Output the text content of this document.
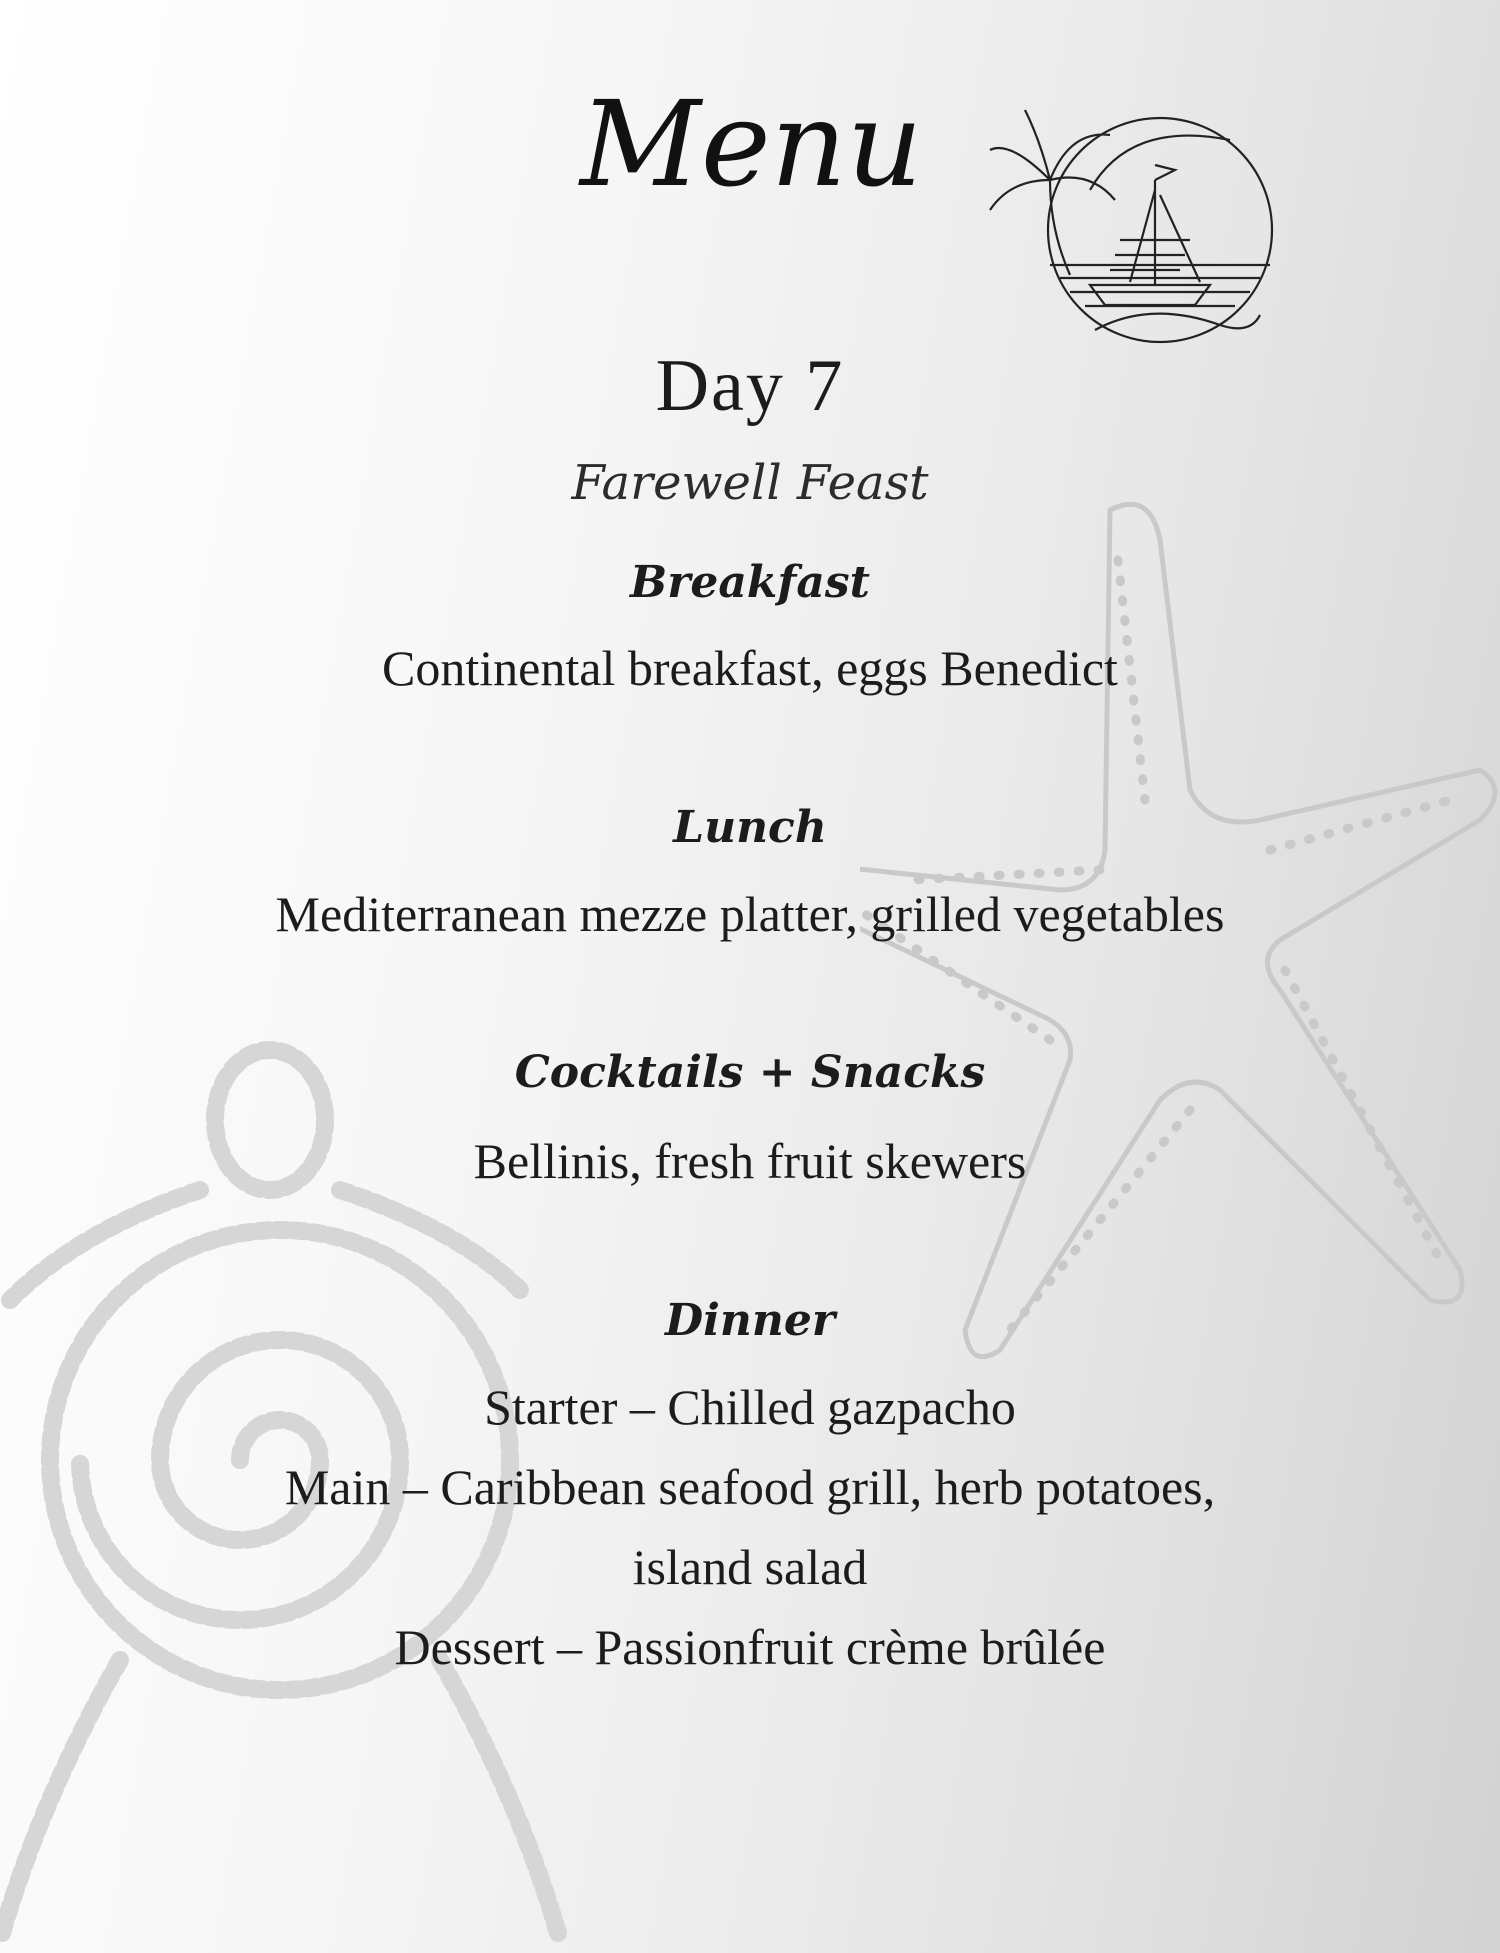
Menu
Day 7
Farewell Feast
Breakfast
Continental breakfast, eggs Benedict
Lunch
Mediterranean mezze platter, grilled vegetables
Cocktails + Snacks
Bellinis, fresh fruit skewers
Dinner
Starter – Chilled gazpacho
Main – Caribbean seafood grill, herb potatoes,
island salad
Dessert – Passionfruit crème brûlée
